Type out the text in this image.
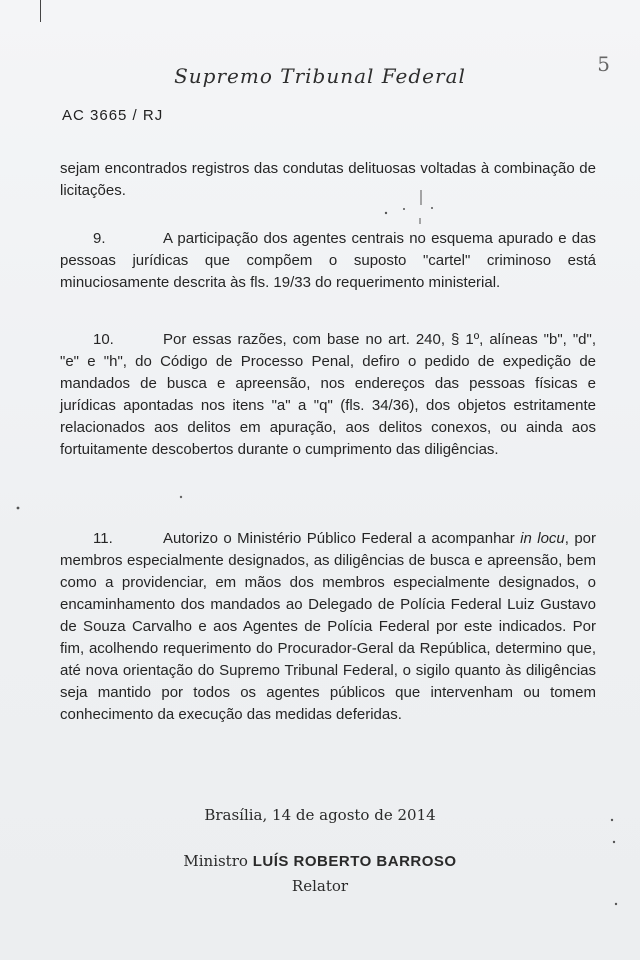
5
Supremo Tribunal Federal
AC 3665 / RJ
sejam encontrados registros das condutas delituosas voltadas à combinação de licitações.
9.	A participação dos agentes centrais no esquema apurado e das pessoas jurídicas que compõem o suposto "cartel" criminoso está minuciosamente descrita às fls. 19/33 do requerimento ministerial.
10.	Por essas razões, com base no art. 240, § 1º, alíneas "b", "d", "e" e "h", do Código de Processo Penal, defiro o pedido de expedição de mandados de busca e apreensão, nos endereços das pessoas físicas e jurídicas apontadas nos itens "a" a "q" (fls. 34/36), dos objetos estritamente relacionados aos delitos em apuração, aos delitos conexos, ou ainda aos fortuitamente descobertos durante o cumprimento das diligências.
11.	Autorizo o Ministério Público Federal a acompanhar in locu, por membros especialmente designados, as diligências de busca e apreensão, bem como a providenciar, em mãos dos membros especialmente designados, o encaminhamento dos mandados ao Delegado de Polícia Federal Luiz Gustavo de Souza Carvalho e aos Agentes de Polícia Federal por este indicados. Por fim, acolhendo requerimento do Procurador-Geral da República, determino que, até nova orientação do Supremo Tribunal Federal, o sigilo quanto às diligências seja mantido por todos os agentes públicos que intervenham ou tomem conhecimento da execução das medidas deferidas.
Brasília, 14 de agosto de 2014
Ministro LUÍS ROBERTO BARROSO
Relator
